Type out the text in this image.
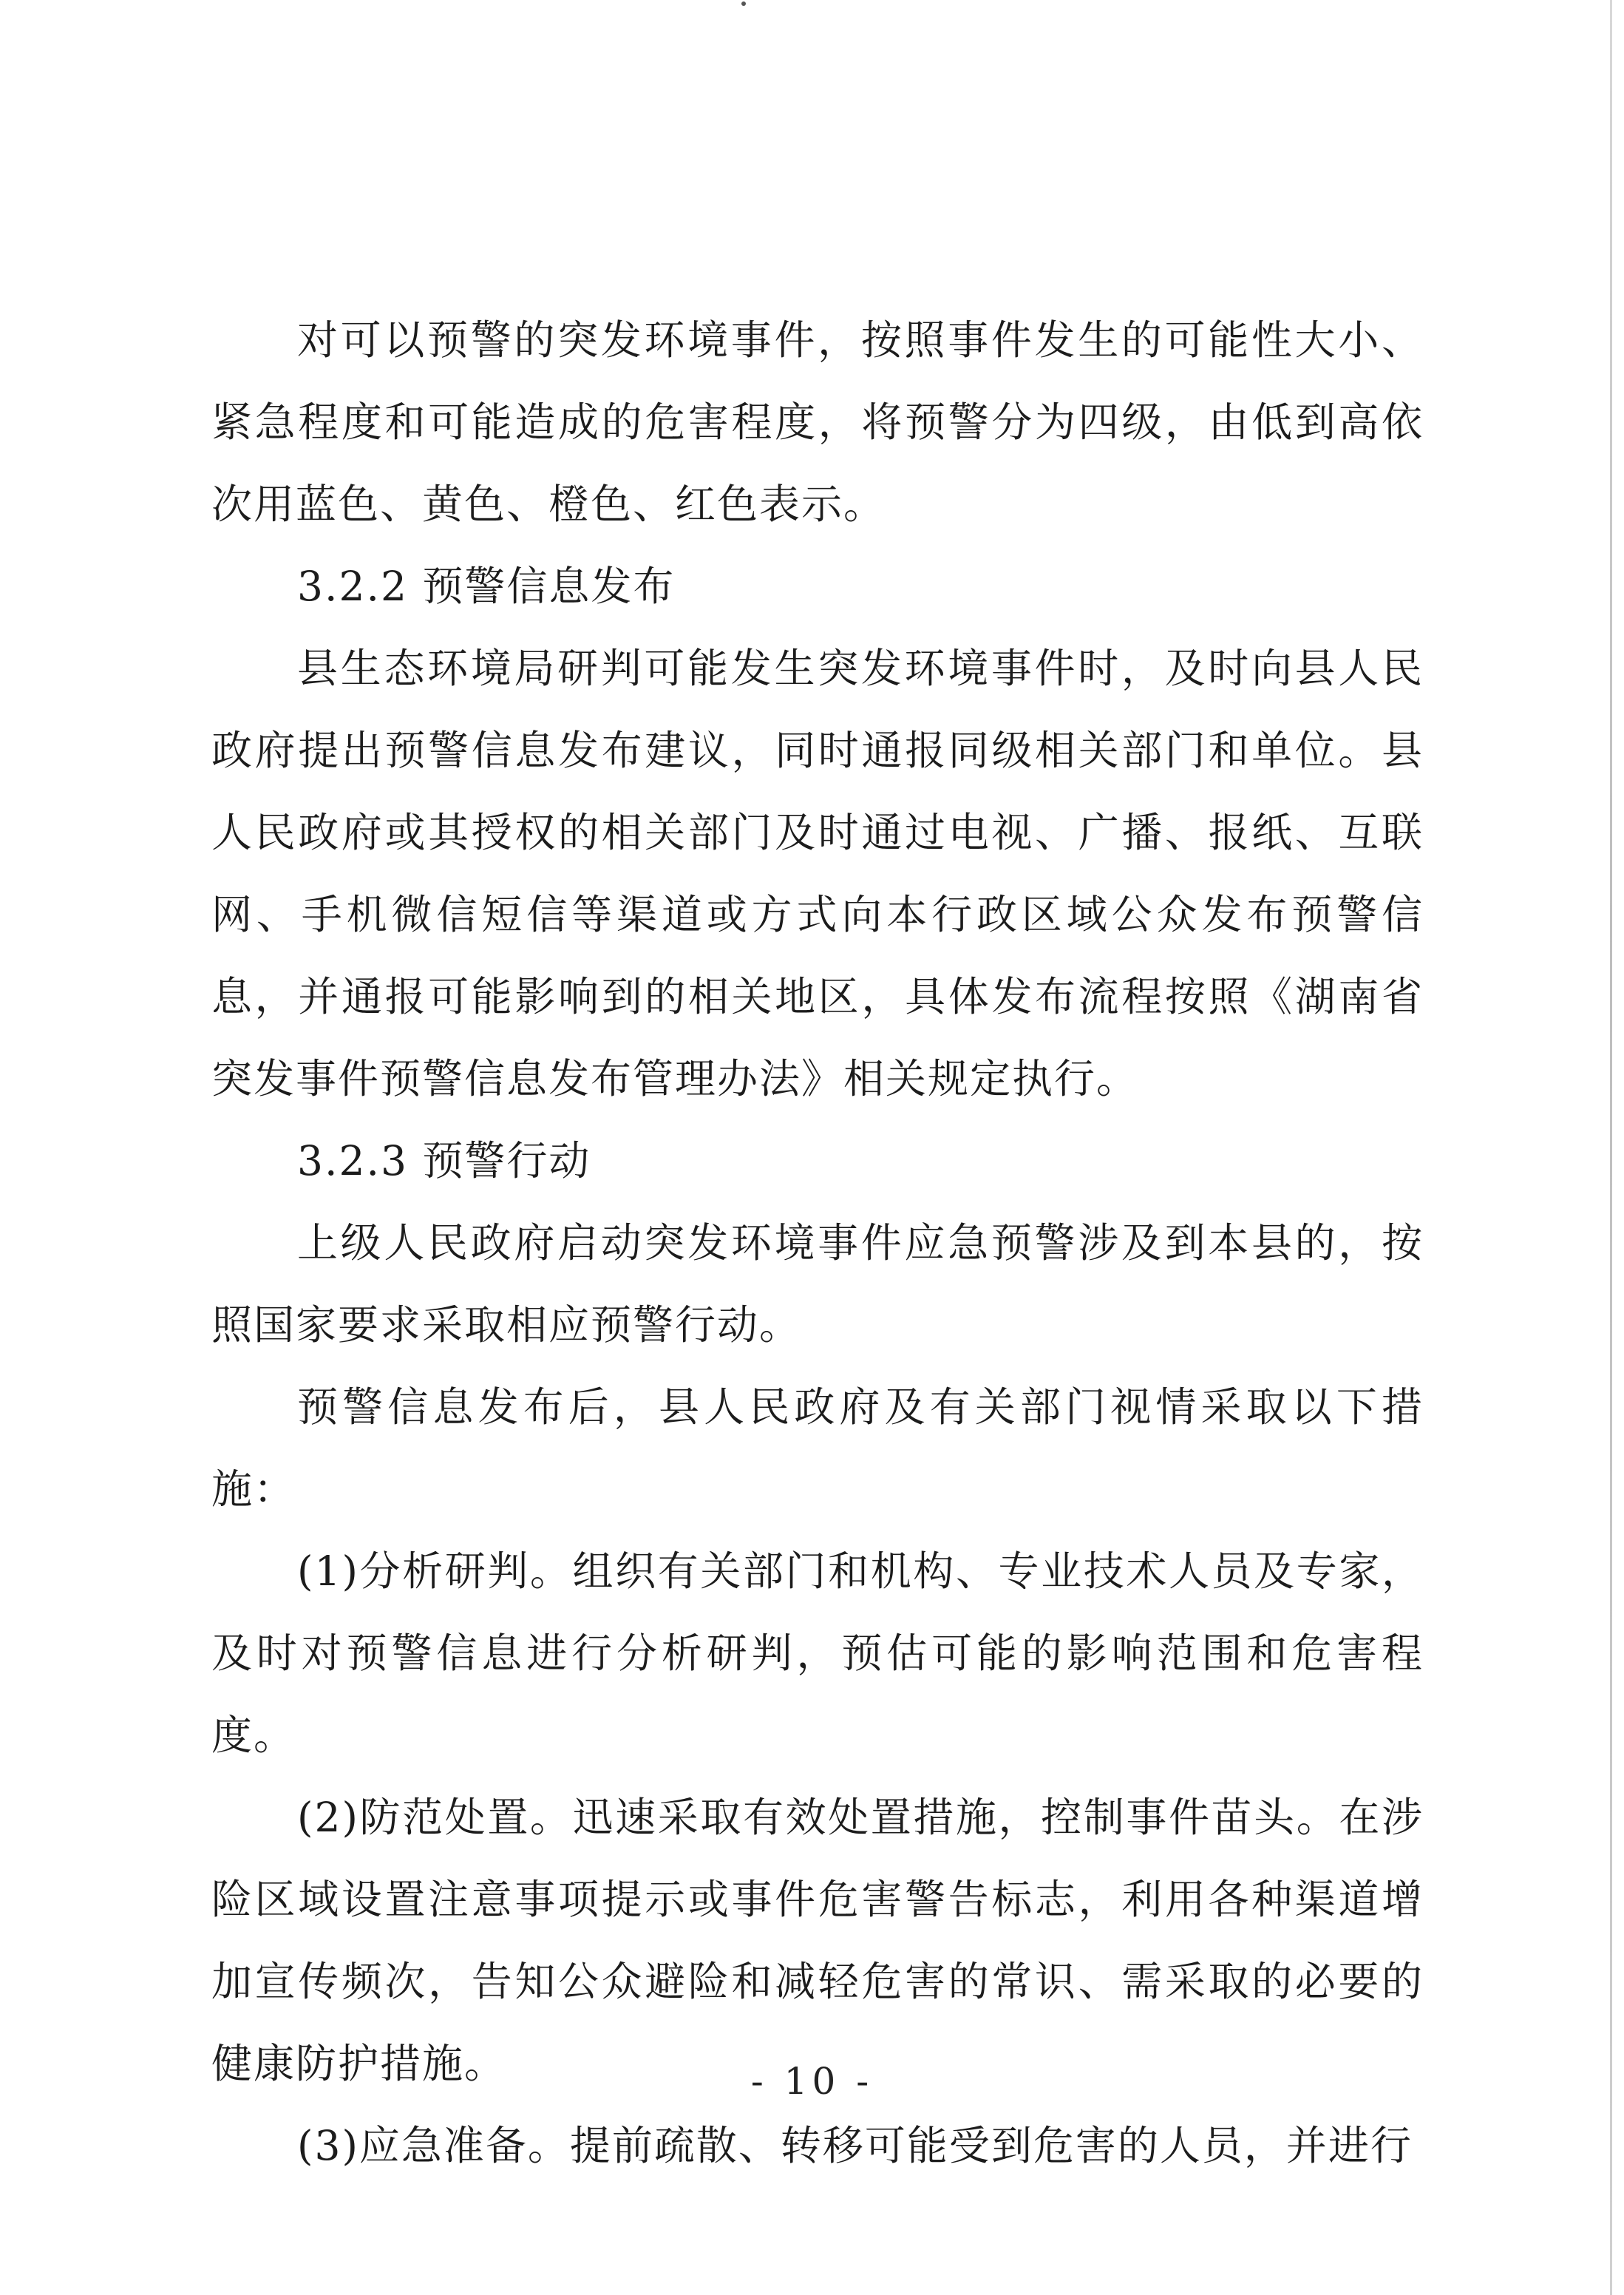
对可以预警的突发环境事件，按照事件发生的可能性大小、紧急程度和可能造成的危害程度，将预警分为四级，由低到高依次用蓝色、黄色、橙色、红色表示。

3.2.2 预警信息发布

县生态环境局研判可能发生突发环境事件时，及时向县人民政府提出预警信息发布建议，同时通报同级相关部门和单位。县人民政府或其授权的相关部门及时通过电视、广播、报纸、互联网、手机微信短信等渠道或方式向本行政区域公众发布预警信息，并通报可能影响到的相关地区，具体发布流程按照《湖南省突发事件预警信息发布管理办法》相关规定执行。

3.2.3 预警行动

上级人民政府启动突发环境事件应急预警涉及到本县的，按照国家要求采取相应预警行动。

预警信息发布后，县人民政府及有关部门视情采取以下措施：

(1)分析研判。组织有关部门和机构、专业技术人员及专家，及时对预警信息进行分析研判，预估可能的影响范围和危害程度。

(2)防范处置。迅速采取有效处置措施，控制事件苗头。在涉险区域设置注意事项提示或事件危害警告标志，利用各种渠道增加宣传频次，告知公众避险和减轻危害的常识、需采取的必要的健康防护措施。

(3)应急准备。提前疏散、转移可能受到危害的人员，并进行

- 10 -
